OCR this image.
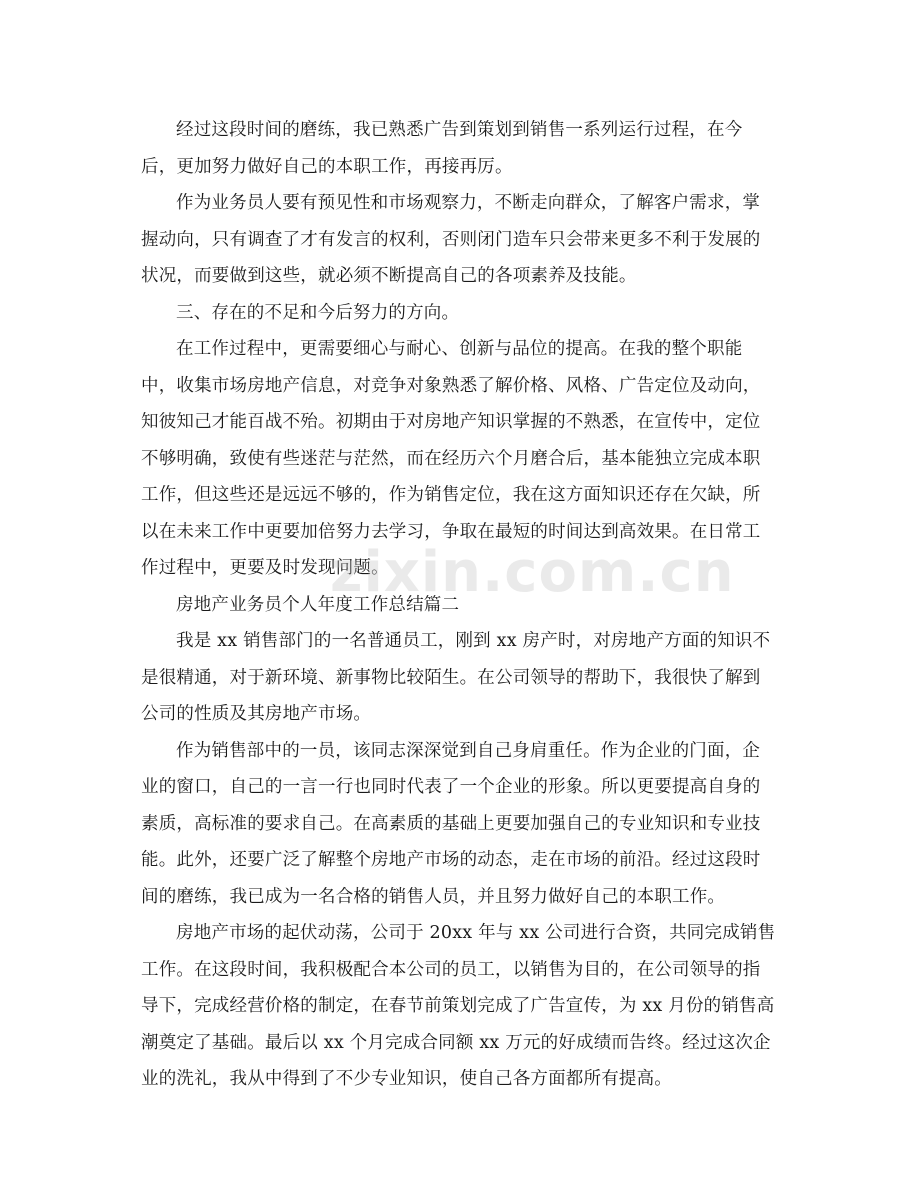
经过这段时间的磨练，我已熟悉广告到策划到销售一系列运行过程，在今
后，更加努力做好自己的本职工作，再接再厉。

作为业务员人要有预见性和市场观察力，不断走向群众，了解客户需求，掌
握动向，只有调查了才有发言的权利，否则闭门造车只会带来更多不利于发展的
状况，而要做到这些，就必须不断提高自己的各项素养及技能。

三、存在的不足和今后努力的方向。

在工作过程中，更需要细心与耐心、创新与品位的提高。在我的整个职能
中，收集市场房地产信息，对竞争对象熟悉了解价格、风格、广告定位及动向，
知彼知己才能百战不殆。初期由于对房地产知识掌握的不熟悉，在宣传中，定位
不够明确，致使有些迷茫与茫然，而在经历六个月磨合后，基本能独立完成本职
工作，但这些还是远远不够的，作为销售定位，我在这方面知识还存在欠缺，所
以在未来工作中更要加倍努力去学习，争取在最短的时间达到高效果。在日常工
作过程中，更要及时发现问题。

房地产业务员个人年度工作总结篇二

我是 xx 销售部门的一名普通员工，刚到 xx 房产时，对房地产方面的知识不
是很精通，对于新环境、新事物比较陌生。在公司领导的帮助下，我很快了解到
公司的性质及其房地产市场。

作为销售部中的一员，该同志深深觉到自己身肩重任。作为企业的门面，企
业的窗口，自己的一言一行也同时代表了一个企业的形象。所以更要提高自身的
素质，高标准的要求自己。在高素质的基础上更要加强自己的专业知识和专业技
能。此外，还要广泛了解整个房地产市场的动态，走在市场的前沿。经过这段时
间的磨练，我已成为一名合格的销售人员，并且努力做好自己的本职工作。

房地产市场的起伏动荡，公司于 20xx 年与 xx 公司进行合资，共同完成销售
工作。在这段时间，我积极配合本公司的员工，以销售为目的，在公司领导的指
导下，完成经营价格的制定，在春节前策划完成了广告宣传，为 xx 月份的销售高
潮奠定了基础。最后以 xx 个月完成合同额 xx 万元的好成绩而告终。经过这次企
业的洗礼，我从中得到了不少专业知识，使自己各方面都所有提高。

zixin.com.cn
